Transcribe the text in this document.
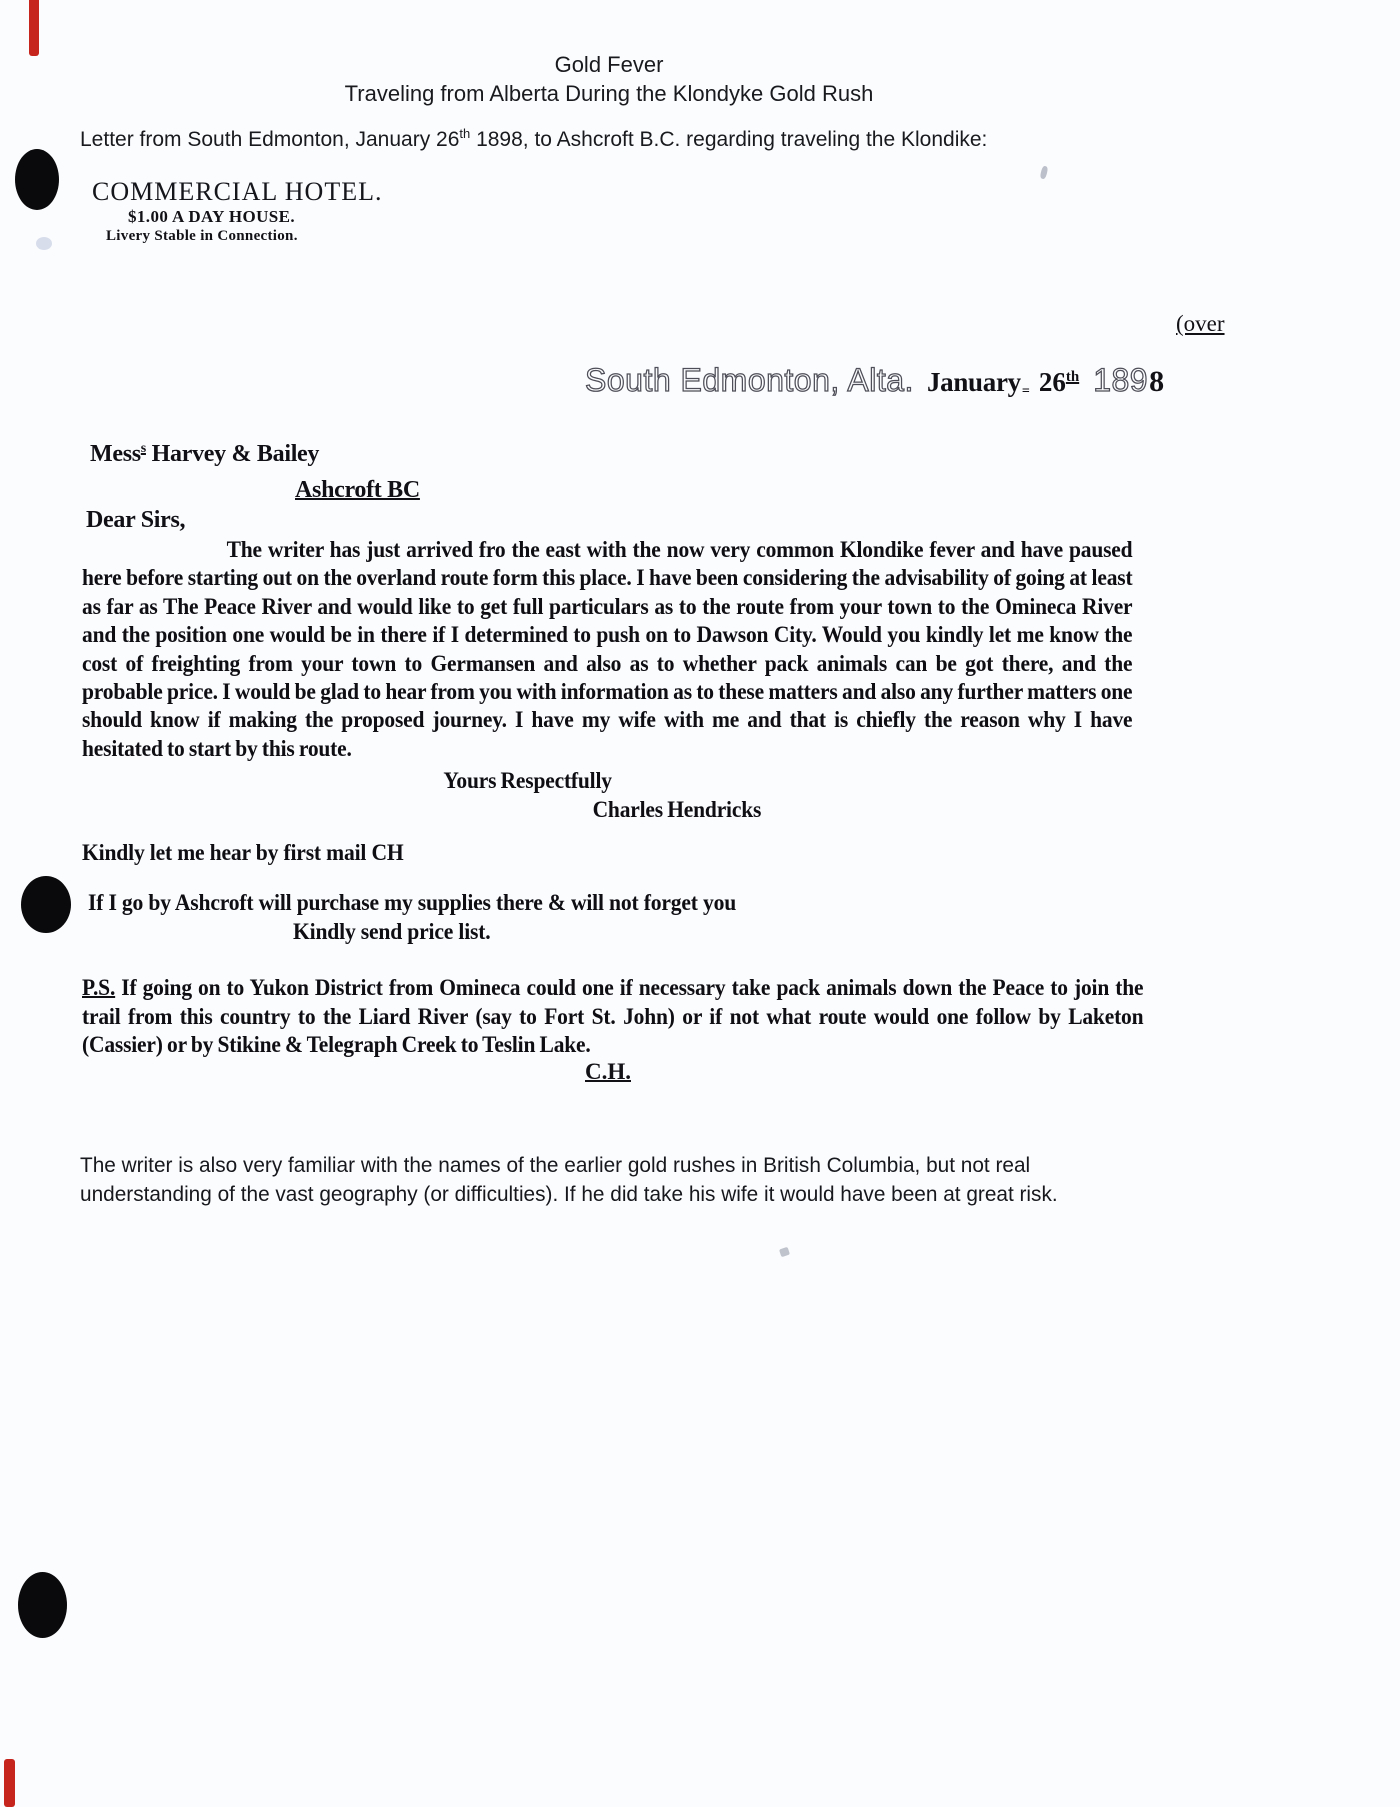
Gold Fever
Traveling from Alberta During the Klondyke Gold Rush
Letter from South Edmonton, January 26th 1898, to Ashcroft B.C. regarding traveling the Klondike:
COMMERCIAL HOTEL.
$1.00 A DAY HOUSE.
Livery Stable in Connection.
(over
South Edmonton, Alta. January = 26 th 189 8
Mess$^s$ Harvey & Bailey
Ashcroft BC
Dear Sirs,

The writer has just arrived fro the east with the now very common Klondike fever and have paused here before starting out on the overland route form this place. I have been considering the advisability of going at least as far as The Peace River and would like to get full particulars as to the route from your town to the Omineca River and the position one would be in there if I determined to push on to Dawson City. Would you kindly let me know the cost of freighting from your town to Germansen and also as to whether pack animals can be got there, and the probable price. I would be glad to hear from you with information as to these matters and also any further matters one should know if making the proposed journey. I have my wife with me and that is chiefly the reason why I have hesitated to start by this route.

Yours Respectfully
Charles Hendricks
Kindly let me hear by first mail CH
If I go by Ashcroft will purchase my supplies there & will not forget you
Kindly send price list.
P.S. If going on to Yukon District from Omineca could one if necessary take pack animals down the Peace to join the trail from this country to the Liard River (say to Fort St. John) or if not what route would one follow by Laketon (Cassier) or by Stikine & Telegraph Creek to Teslin Lake.
C.H.
The writer is also very familiar with the names of the earlier gold rushes in British Columbia, but not real understanding of the vast geography (or difficulties). If he did take his wife it would have been at great risk.
